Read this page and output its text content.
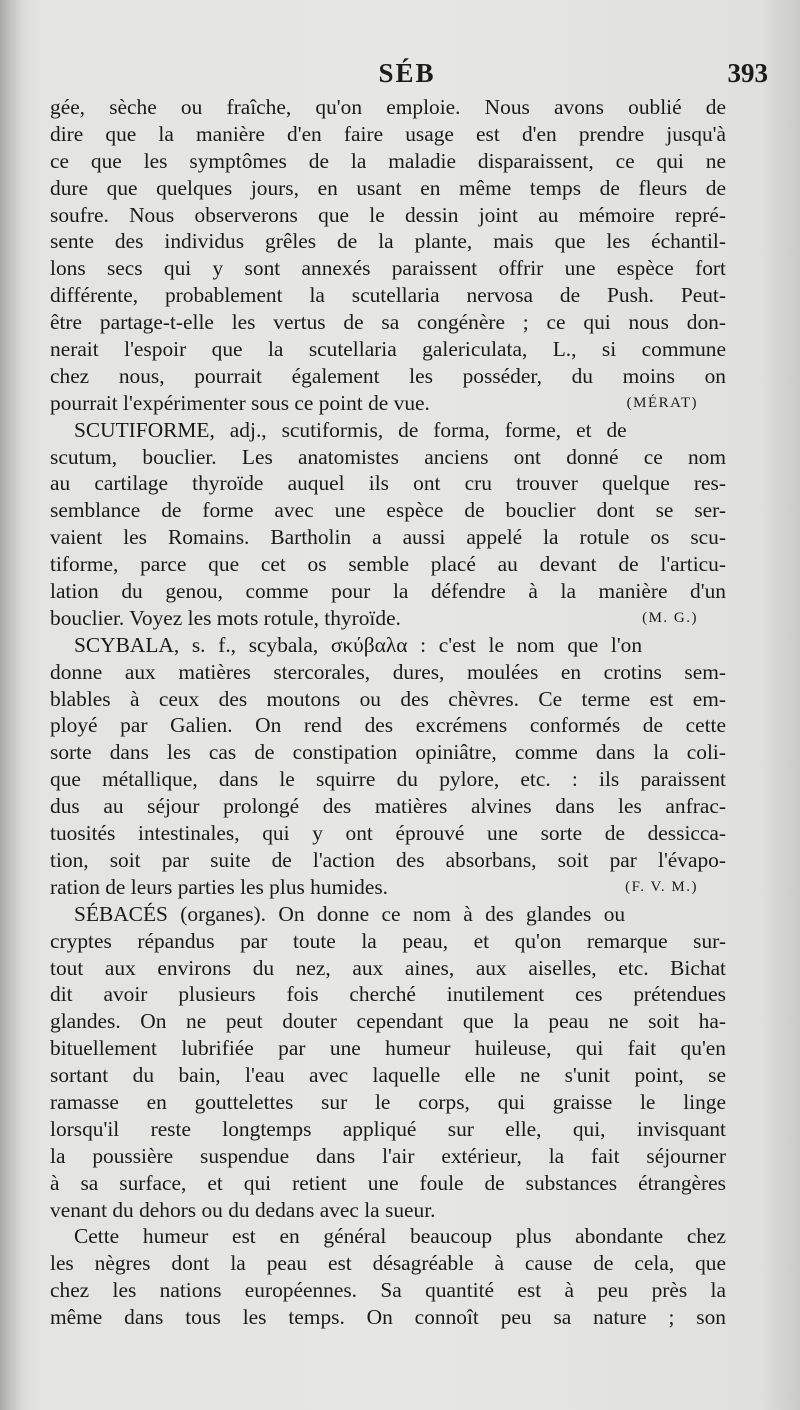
SÉB	393
gée, sèche ou fraîche, qu'on emploie. Nous avons oublié de
dire que la manière d'en faire usage est d'en prendre jusqu'à
ce que les symptômes de la maladie disparaissent, ce qui ne
dure que quelques jours, en usant en même temps de fleurs de
soufre. Nous observerons que le dessin joint au mémoire repré-
sente des individus grêles de la plante, mais que les échantil-
lons secs qui y sont annexés paraissent offrir une espèce fort
différente, probablement la scutellaria nervosa de Push. Peut-
être partage-t-elle les vertus de sa congénère ; ce qui nous don-
nerait l'espoir que la scutellaria galericulata, L., si commune
chez nous, pourrait également les posséder, du moins on
pourrait l'expérimenter sous ce point de vue.	(MÉRAT)
SCUTIFORME, adj., scutiformis, de forma, forme, et de
scutum, bouclier. Les anatomistes anciens ont donné ce nom
au cartilage thyroïde auquel ils ont cru trouver quelque res-
semblance de forme avec une espèce de bouclier dont se ser-
vaient les Romains. Bartholin a aussi appelé la rotule os scu-
tiforme, parce que cet os semble placé au devant de l'articu-
lation du genou, comme pour la défendre à la manière d'un
bouclier. Voyez les mots rotule, thyroïde.	(M. G.)
SCYBALA, s. f., scybala, σκύβαλα : c'est le nom que l'on
donne aux matières stercorales, dures, moulées en crotins sem-
blables à ceux des moutons ou des chèvres. Ce terme est em-
ployé par Galien. On rend des excrémens conformés de cette
sorte dans les cas de constipation opiniâtre, comme dans la coli-
que métallique, dans le squirre du pylore, etc. : ils paraissent
dus au séjour prolongé des matières alvines dans les anfrac-
tuosités intestinales, qui y ont éprouvé une sorte de dessicca-
tion, soit par suite de l'action des absorbans, soit par l'évapo-
ration de leurs parties les plus humides.	(F. V. M.)
SÉBACÉS (organes). On donne ce nom à des glandes ou
cryptes répandus par toute la peau, et qu'on remarque sur-
tout aux environs du nez, aux aines, aux aiselles, etc. Bichat
dit avoir plusieurs fois cherché inutilement ces prétendues
glandes. On ne peut douter cependant que la peau ne soit ha-
bituellement lubrifiée par une humeur huileuse, qui fait qu'en
sortant du bain, l'eau avec laquelle elle ne s'unit point, se
ramasse en gouttelettes sur le corps, qui graisse le linge
lorsqu'il reste longtemps appliqué sur elle, qui, invisquant
la poussière suspendue dans l'air extérieur, la fait séjourner
à sa surface, et qui retient une foule de substances étrangères
venant du dehors ou du dedans avec la sueur.
Cette humeur est en général beaucoup plus abondante chez
les nègres dont la peau est désagréable à cause de cela, que
chez les nations européennes. Sa quantité est à peu près la
même dans tous les temps. On connoît peu sa nature ; son
